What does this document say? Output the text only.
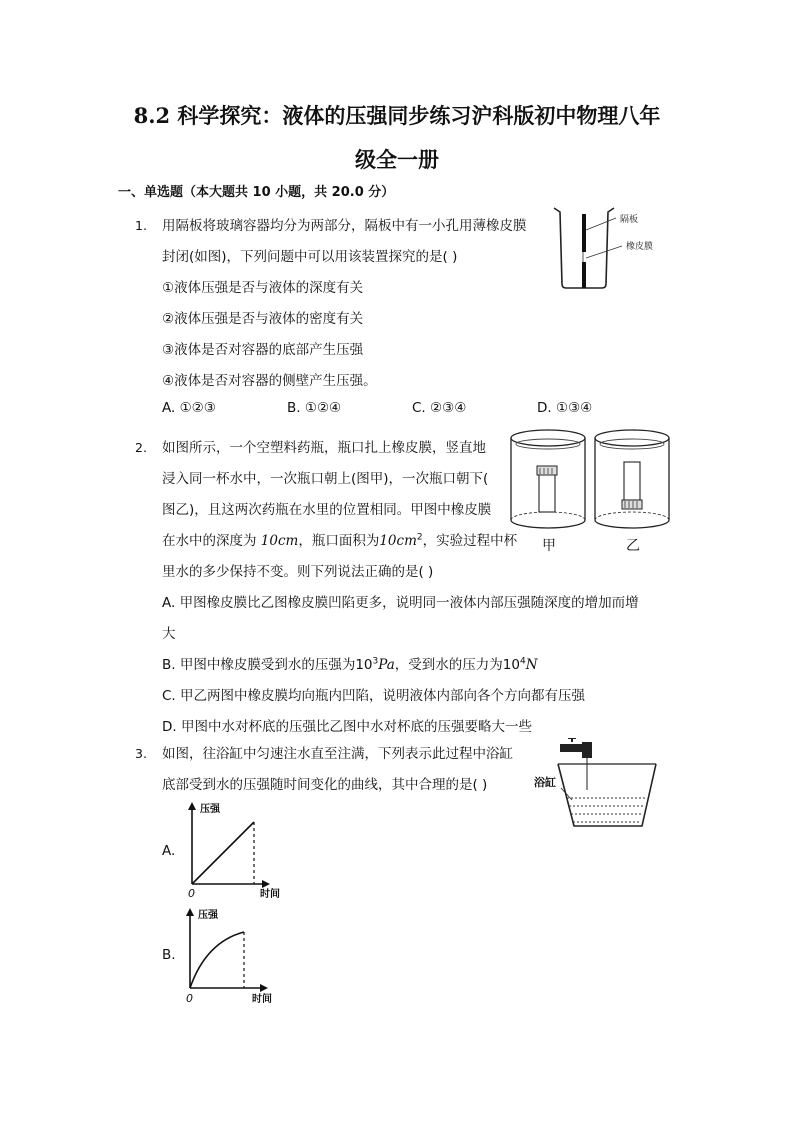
8.2 科学探究：液体的压强同步练习沪科版初中物理八年
级全一册
一、单选题（本大题共 10 小题，共 20.0 分）
1. 用隔板将玻璃容器均分为两部分，隔板中有一小孔用薄橡皮膜
封闭(如图)，下列问题中可以用该装置探究的是( )
①液体压强是否与液体的深度有关
②液体压强是否与液体的密度有关
③液体是否对容器的底部产生压强
④液体是否对容器的侧壁产生压强。
A. ①②③	B. ①②④	C. ②③④	D. ①③④
隔板
橡皮膜
2. 如图所示，一个空塑料药瓶，瓶口扎上橡皮膜，竖直地
浸入同一杯水中，一次瓶口朝上(图甲)，一次瓶口朝下(
图乙)，且这两次药瓶在水里的位置相同。甲图中橡皮膜
在水中的深度为 10cm，瓶口面积为$10cm^2$，实验过程中杯
里水的多少保持不变。则下列说法正确的是( )
A. 甲图橡皮膜比乙图橡皮膜凹陷更多，说明同一液体内部压强随深度的增加而增
大
B. 甲图中橡皮膜受到水的压强为$10^3Pa$，受到水的压力为$10^4N$
C. 甲乙两图中橡皮膜均向瓶内凹陷，说明液体内部向各个方向都有压强
D. 甲图中水对杯底的压强比乙图中水对杯底的压强要略大一些
甲	乙
3. 如图，往浴缸中匀速注水直至注满，下列表示此过程中浴缸
底部受到水的压强随时间变化的曲线，其中合理的是( )	浴缸
A.
压强
时间
0
B.
压强
时间
0
